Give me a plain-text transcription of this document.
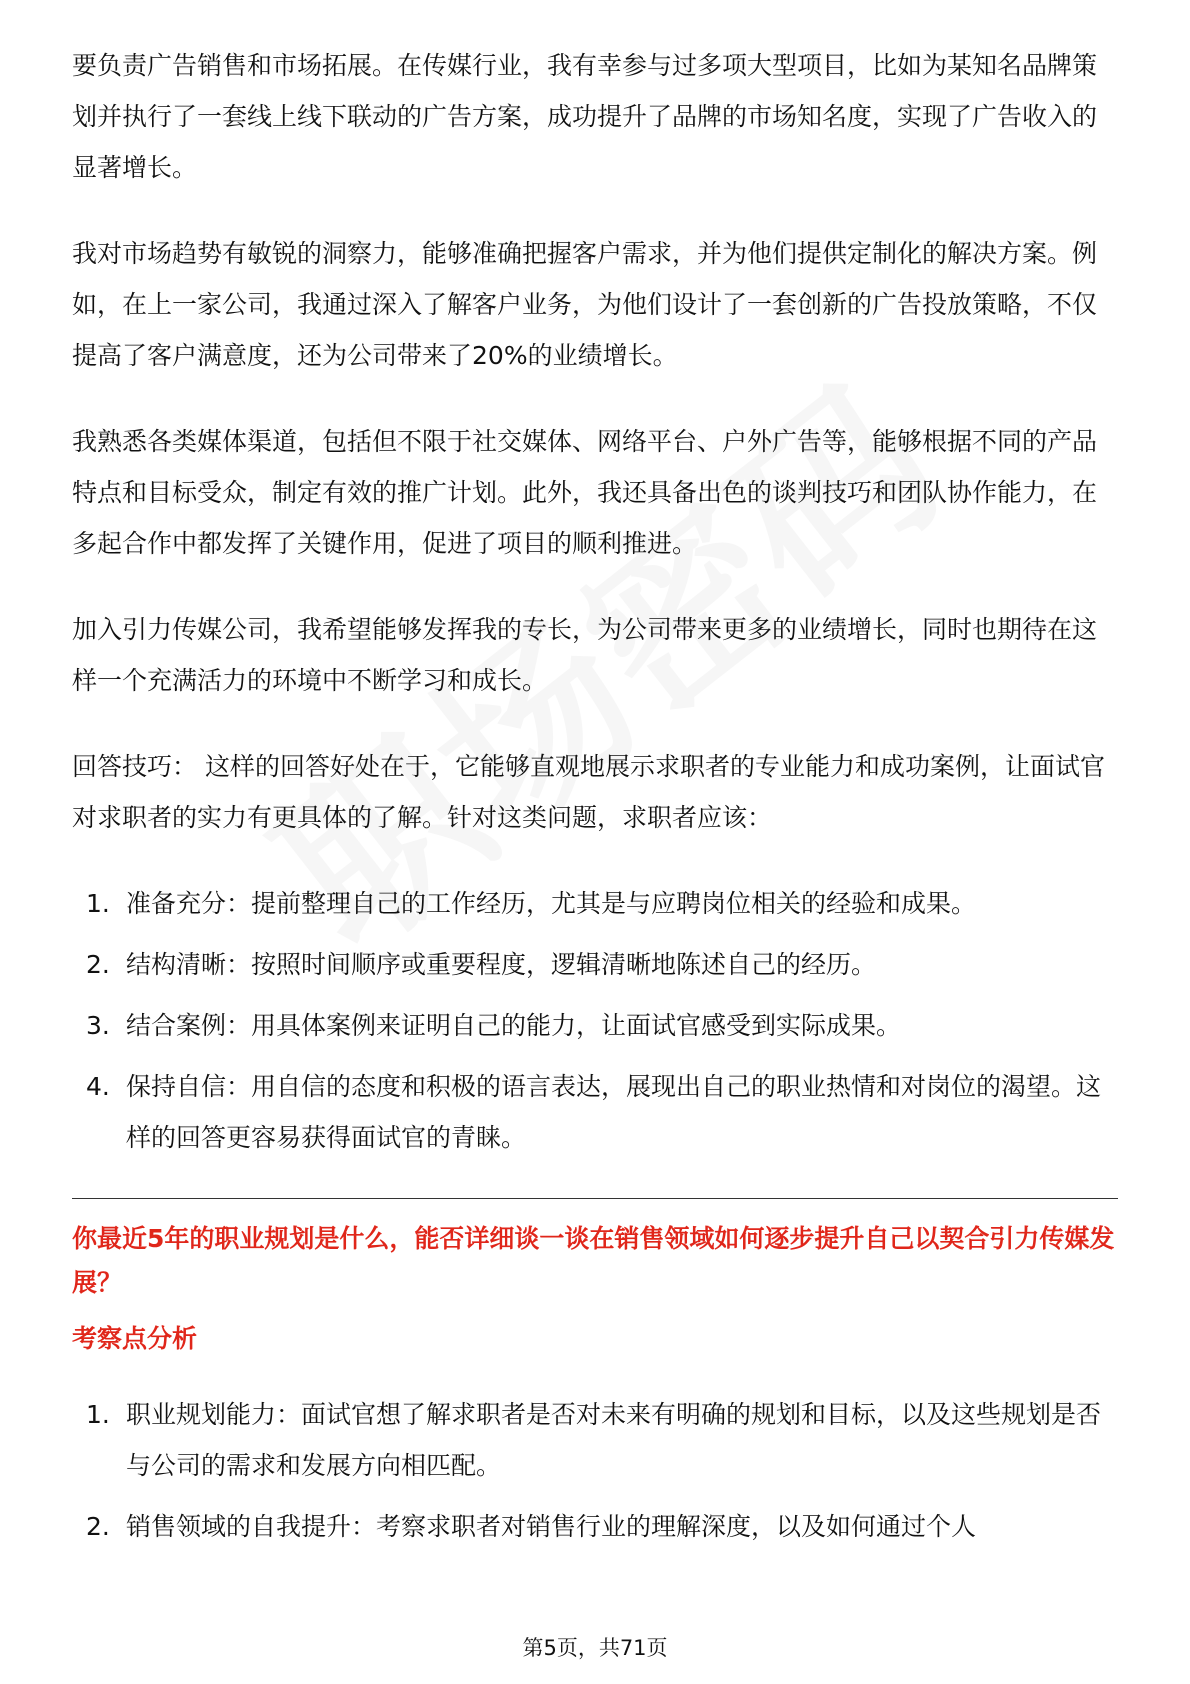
要负责广告销售和市场拓展。在传媒行业，我有幸参与过多项大型项目，比如为某知名品牌策划并执行了一套线上线下联动的广告方案，成功提升了品牌的市场知名度，实现了广告收入的显著增长。

我对市场趋势有敏锐的洞察力，能够准确把握客户需求，并为他们提供定制化的解决方案。例如，在上一家公司，我通过深入了解客户业务，为他们设计了一套创新的广告投放策略，不仅提高了客户满意度，还为公司带来了20%的业绩增长。

我熟悉各类媒体渠道，包括但不限于社交媒体、网络平台、户外广告等，能够根据不同的产品特点和目标受众，制定有效的推广计划。此外，我还具备出色的谈判技巧和团队协作能力，在多起合作中都发挥了关键作用，促进了项目的顺利推进。

加入引力传媒公司，我希望能够发挥我的专长，为公司带来更多的业绩增长，同时也期待在这样一个充满活力的环境中不断学习和成长。

回答技巧： 这样的回答好处在于，它能够直观地展示求职者的专业能力和成功案例，让面试官对求职者的实力有更具体的了解。针对这类问题，求职者应该：

1. 准备充分：提前整理自己的工作经历，尤其是与应聘岗位相关的经验和成果。
2. 结构清晰：按照时间顺序或重要程度，逻辑清晰地陈述自己的经历。
3. 结合案例：用具体案例来证明自己的能力，让面试官感受到实际成果。
4. 保持自信：用自信的态度和积极的语言表达，展现出自己的职业热情和对岗位的渴望。这样的回答更容易获得面试官的青睐。
你最近5年的职业规划是什么，能否详细谈一谈在销售领域如何逐步提升自己以契合引力传媒发展？
考察点分析
1. 职业规划能力：面试官想了解求职者是否对未来有明确的规划和目标，以及这些规划是否与公司的需求和发展方向相匹配。
2. 销售领域的自我提升：考察求职者对销售行业的理解深度，以及如何通过个人
第5页，共71页
